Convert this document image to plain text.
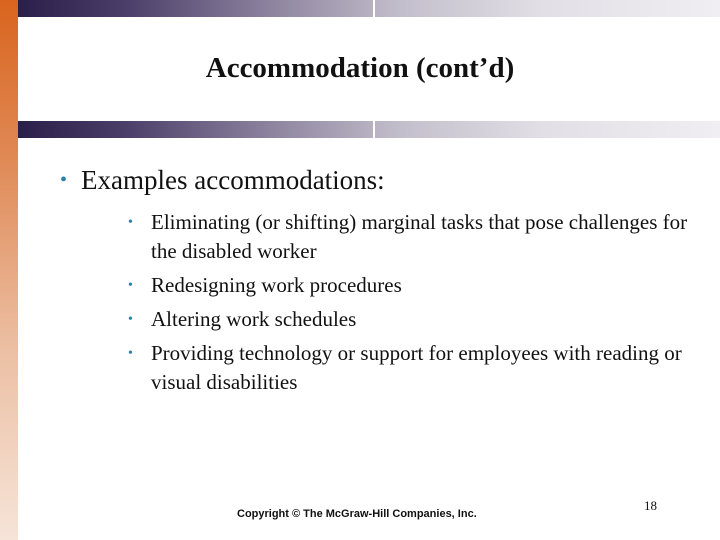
Accommodation (cont’d)
• Examples accommodations:
• Eliminating (or shifting) marginal tasks that pose challenges for the disabled worker
• Redesigning work procedures
• Altering work schedules
• Providing technology or support for employees with reading or visual disabilities
Copyright © The McGraw-Hill Companies, Inc.
18
